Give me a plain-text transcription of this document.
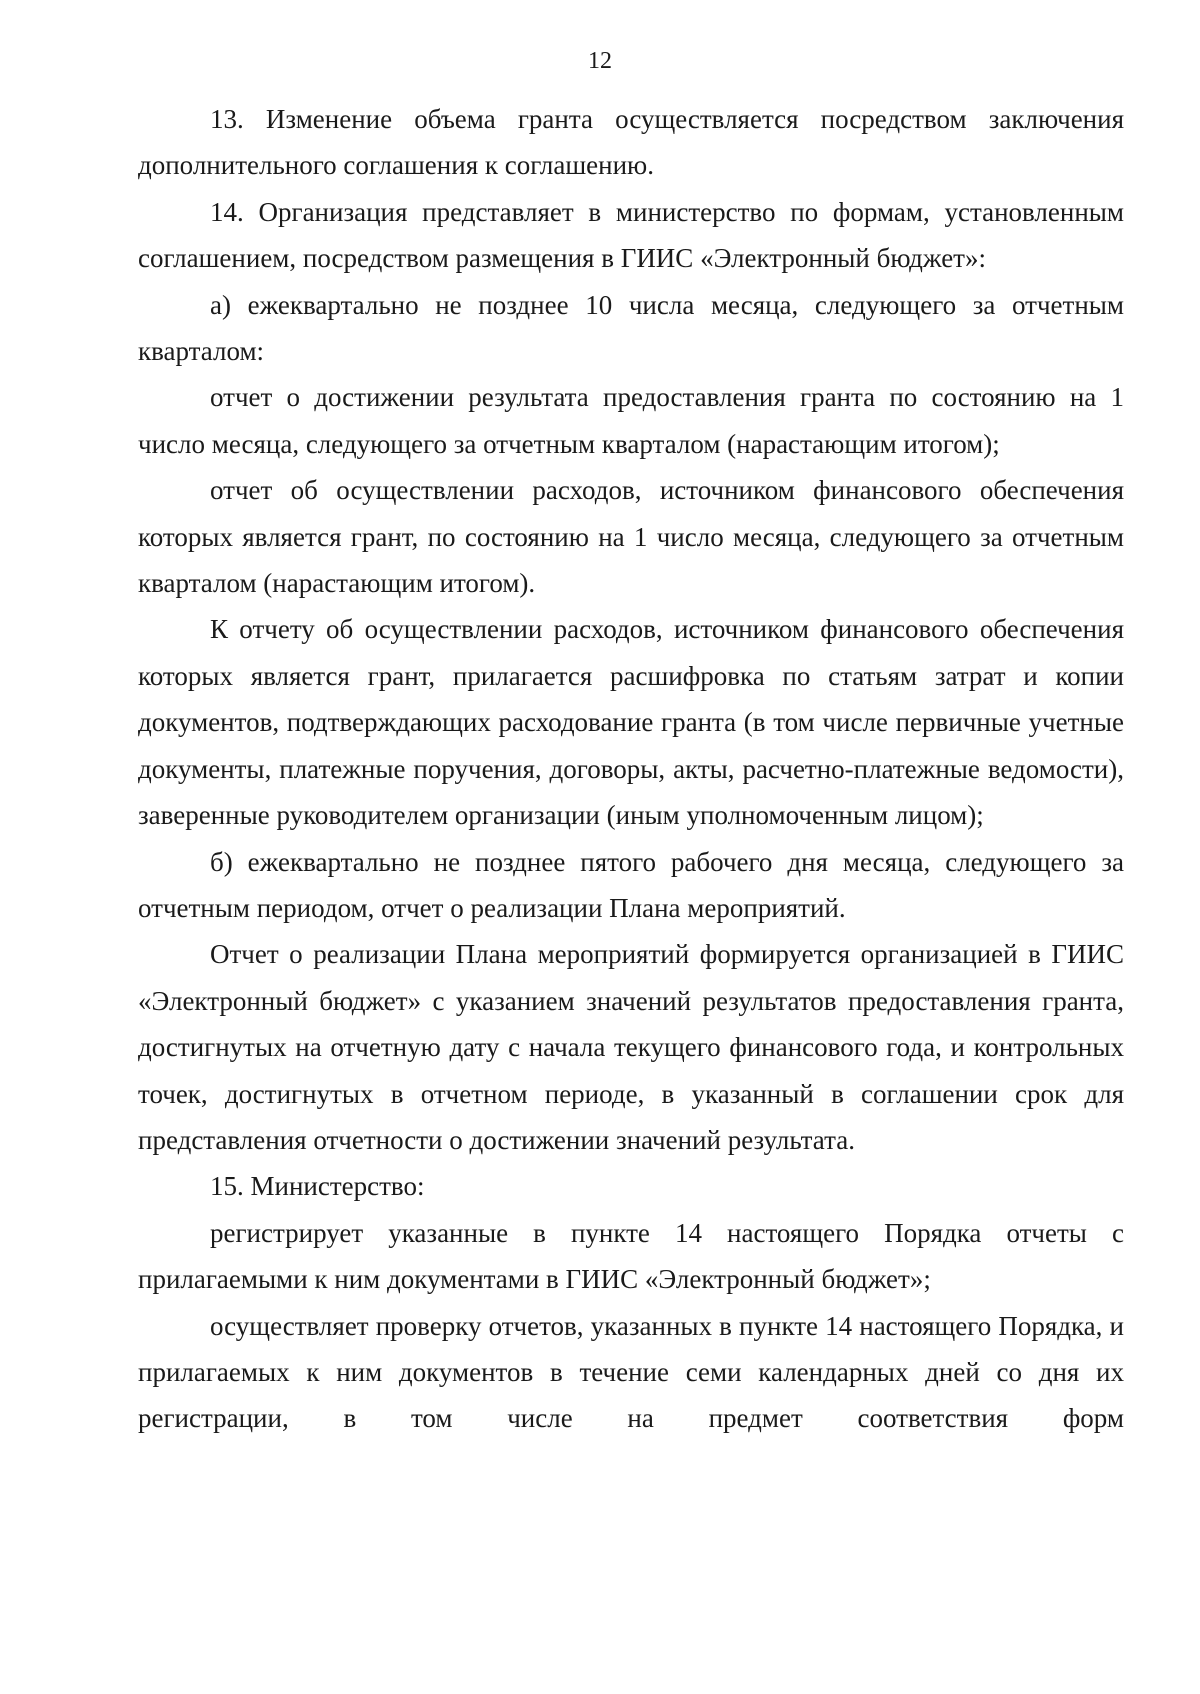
12

13. Изменение объема гранта осуществляется посредством заключения дополнительного соглашения к соглашению.

14. Организация представляет в министерство по формам, установленным соглашением, посредством размещения в ГИИС «Электронный бюджет»:

а) ежеквартально не позднее 10 числа месяца, следующего за отчетным кварталом:

отчет о достижении результата предоставления гранта по состоянию на 1 число месяца, следующего за отчетным кварталом (нарастающим итогом);

отчет об осуществлении расходов, источником финансового обеспечения которых является грант, по состоянию на 1 число месяца, следующего за отчетным кварталом (нарастающим итогом).

К отчету об осуществлении расходов, источником финансового обеспечения которых является грант, прилагается расшифровка по статьям затрат и копии документов, подтверждающих расходование гранта (в том числе первичные учетные документы, платежные поручения, договоры, акты, расчетно-платежные ведомости), заверенные руководителем организации (иным уполномоченным лицом);

б) ежеквартально не позднее пятого рабочего дня месяца, следующего за отчетным периодом, отчет о реализации Плана мероприятий.

Отчет о реализации Плана мероприятий формируется организацией в ГИИС «Электронный бюджет» с указанием значений результатов предоставления гранта, достигнутых на отчетную дату с начала текущего финансового года, и контрольных точек, достигнутых в отчетном периоде, в указанный в соглашении срок для представления отчетности о достижении значений результата.

15. Министерство:

регистрирует указанные в пункте 14 настоящего Порядка отчеты с прилагаемыми к ним документами в ГИИС «Электронный бюджет»;

осуществляет проверку отчетов, указанных в пункте 14 настоящего Порядка, и прилагаемых к ним документов в течение семи календарных дней со дня их регистрации, в том числе на предмет соответствия форм
